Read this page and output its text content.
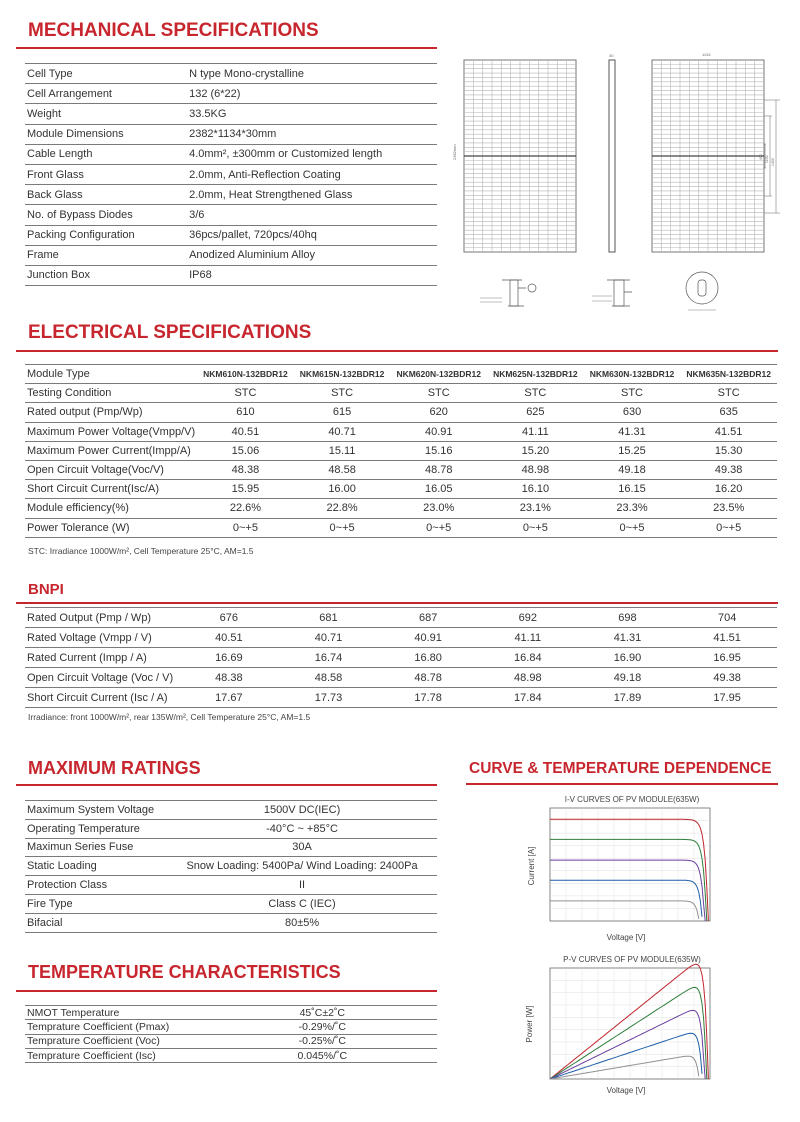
MECHANICAL SPECIFICATIONS
Cell Type	N type Mono-crystalline
Cell Arrangement	132 (6*22)
Weight	33.5KG
Module Dimensions	2382*1134*30mm
Cable Length	4.0mm², ±300mm or Customized length
Front Glass	2.0mm, Anti-Reflection Coating
Back Glass	2.0mm, Heat Strengthened Glass
No. of Bypass Diodes	3/6
Packing Configuration	36pcs/pallet, 720pcs/40hq
Frame	Anodized Aluminium Alloy
Junction Box	IP68
2382mm
30	1134
400 1100 1400
ELECTRICAL SPECIFICATIONS
Module Type	NKM610N-132BDR12	NKM615N-132BDR12	NKM620N-132BDR12	NKM625N-132BDR12	NKM630N-132BDR12	NKM635N-132BDR12
Testing Condition	STC	STC	STC	STC	STC	STC
Rated output (Pmp/Wp)	610	615	620	625	630	635
Maximum Power Voltage(Vmpp/V)	40.51	40.71	40.91	41.11	41.31	41.51
Maximum Power Current(Impp/A)	15.06	15.11	15.16	15.20	15.25	15.30
Open Circuit Voltage(Voc/V)	48.38	48.58	48.78	48.98	49.18	49.38
Short Circuit Current(Isc/A)	15.95	16.00	16.05	16.10	16.15	16.20
Module efficiency(%)	22.6%	22.8%	23.0%	23.1%	23.3%	23.5%
Power Tolerance (W)	0~+5	0~+5	0~+5	0~+5	0~+5	0~+5
STC: Irradiance 1000W/m², Cell Temperature 25°C, AM=1.5
BNPI
Rated Output (Pmp / Wp)	676	681	687	692	698	704
Rated Voltage (Vmpp / V)	40.51	40.71	40.91	41.11	41.31	41.51
Rated Current (Impp / A)	16.69	16.74	16.80	16.84	16.90	16.95
Open Circuit Voltage (Voc / V)	48.38	48.58	48.78	48.98	49.18	49.38
Short Circuit Current (Isc / A)	17.67	17.73	17.78	17.84	17.89	17.95
Irradiance: front 1000W/m², rear 135W/m², Cell Temperature 25°C, AM=1.5
MAXIMUM RATINGS
Maximum System Voltage	1500V DC(IEC)
Operating Temperature	-40°C ~ +85°C
Maximun Series Fuse	30A
Static Loading	Snow Loading: 5400Pa/ Wind Loading: 2400Pa
Protection Class	II
Fire Type	Class C (IEC)
Bifacial	80±5%
TEMPERATURE CHARACTERISTICS
NMOT Temperature	45˚C±2˚C
Temprature Coefficient (Pmax)	-0.29%/˚C
Temprature Coefficient (Voc)	-0.25%/˚C
Temprature Coefficient (Isc)	0.045%/˚C
CURVE & TEMPERATURE DEPENDENCE
I-V CURVES OF PV MODULE(635W)
Current [A]
Voltage [V]
P-V CURVES OF PV MODULE(635W)
Power [W]
Voltage [V]
